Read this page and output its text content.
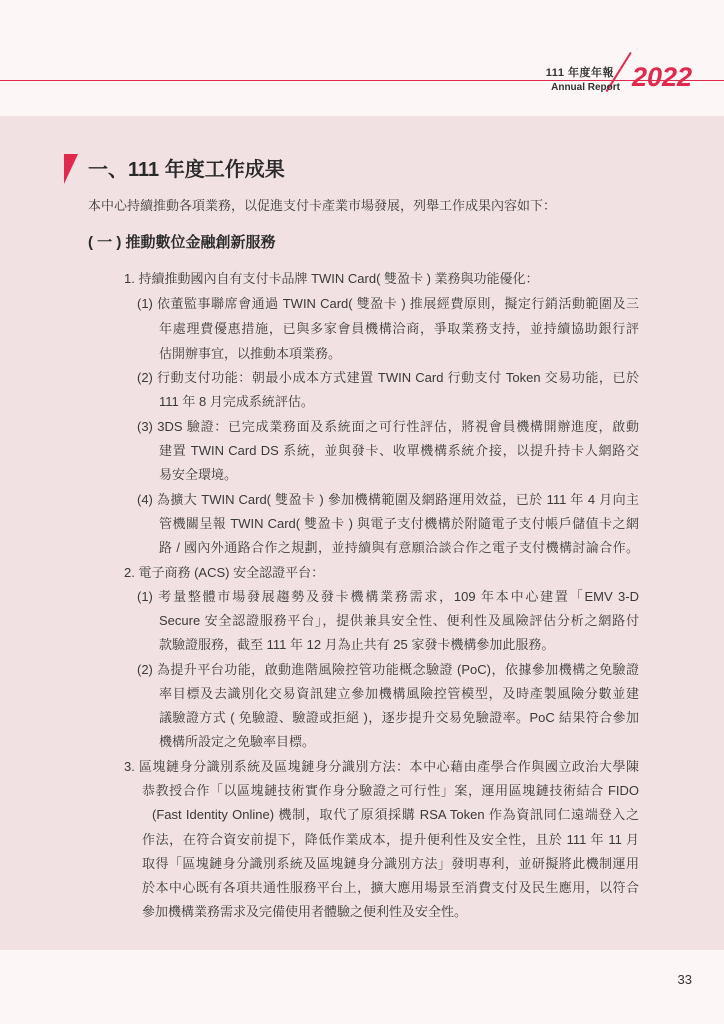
111 年度年報
Annual Report 2022
一、111 年度工作成果
本中心持續推動各項業務，以促進支付卡產業市場發展，列舉工作成果內容如下：
( 一 ) 推動數位金融創新服務
1. 持續推動國內自有支付卡品牌 TWIN Card( 雙盈卡 ) 業務與功能優化：
(1) 依董監事聯席會通過 TWIN Card( 雙盈卡 ) 推展經費原則，擬定行銷活動範圍及三
年處理費優惠措施，已與多家會員機構洽商，爭取業務支持，並持續協助銀行評
估開辦事宜，以推動本項業務。
(2) 行動支付功能：朝最小成本方式建置 TWIN Card 行動支付 Token 交易功能，已於
111 年 8 月完成系統評估。
(3) 3DS 驗證：已完成業務面及系統面之可行性評估，將視會員機構開辦進度，啟動
建置 TWIN Card DS 系統，並與發卡、收單機構系統介接，以提升持卡人網路交
易安全環境。
(4) 為擴大 TWIN Card( 雙盈卡 ) 參加機構範圍及網路運用效益，已於 111 年 4 月向主
管機關呈報 TWIN Card( 雙盈卡 ) 與電子支付機構於附隨電子支付帳戶儲值卡之網
路 / 國內外通路合作之規劃，並持續與有意願洽談合作之電子支付機構討論合作。
2. 電子商務 (ACS) 安全認證平台：
(1) 考量整體市場發展趨勢及發卡機構業務需求，109 年本中心建置「EMV 3-D
Secure 安全認證服務平台」，提供兼具安全性、便利性及風險評估分析之網路付
款驗證服務，截至 111 年 12 月為止共有 25 家發卡機構參加此服務。
(2) 為提升平台功能，啟動進階風險控管功能概念驗證 (PoC)，依據參加機構之免驗證
率目標及去識別化交易資訊建立參加機構風險控管模型，及時產製風險分數並建
議驗證方式 ( 免驗證、驗證或拒絕 )，逐步提升交易免驗證率。PoC 結果符合參加
機構所設定之免驗率目標。
3. 區塊鏈身分識別系統及區塊鏈身分識別方法：本中心藉由產學合作與國立政治大學陳
恭教授合作「以區塊鏈技術實作身分驗證之可行性」案，運用區塊鏈技術結合 FIDO
(Fast Identity Online) 機制，取代了原須採購 RSA Token 作為資訊同仁遠端登入之
作法，在符合資安前提下，降低作業成本，提升便利性及安全性，且於 111 年 11 月
取得「區塊鏈身分識別系統及區塊鏈身分識別方法」發明專利，並研擬將此機制運用
於本中心既有各項共通性服務平台上，擴大應用場景至消費支付及民生應用，以符合
參加機構業務需求及完備使用者體驗之便利性及安全性。
33
